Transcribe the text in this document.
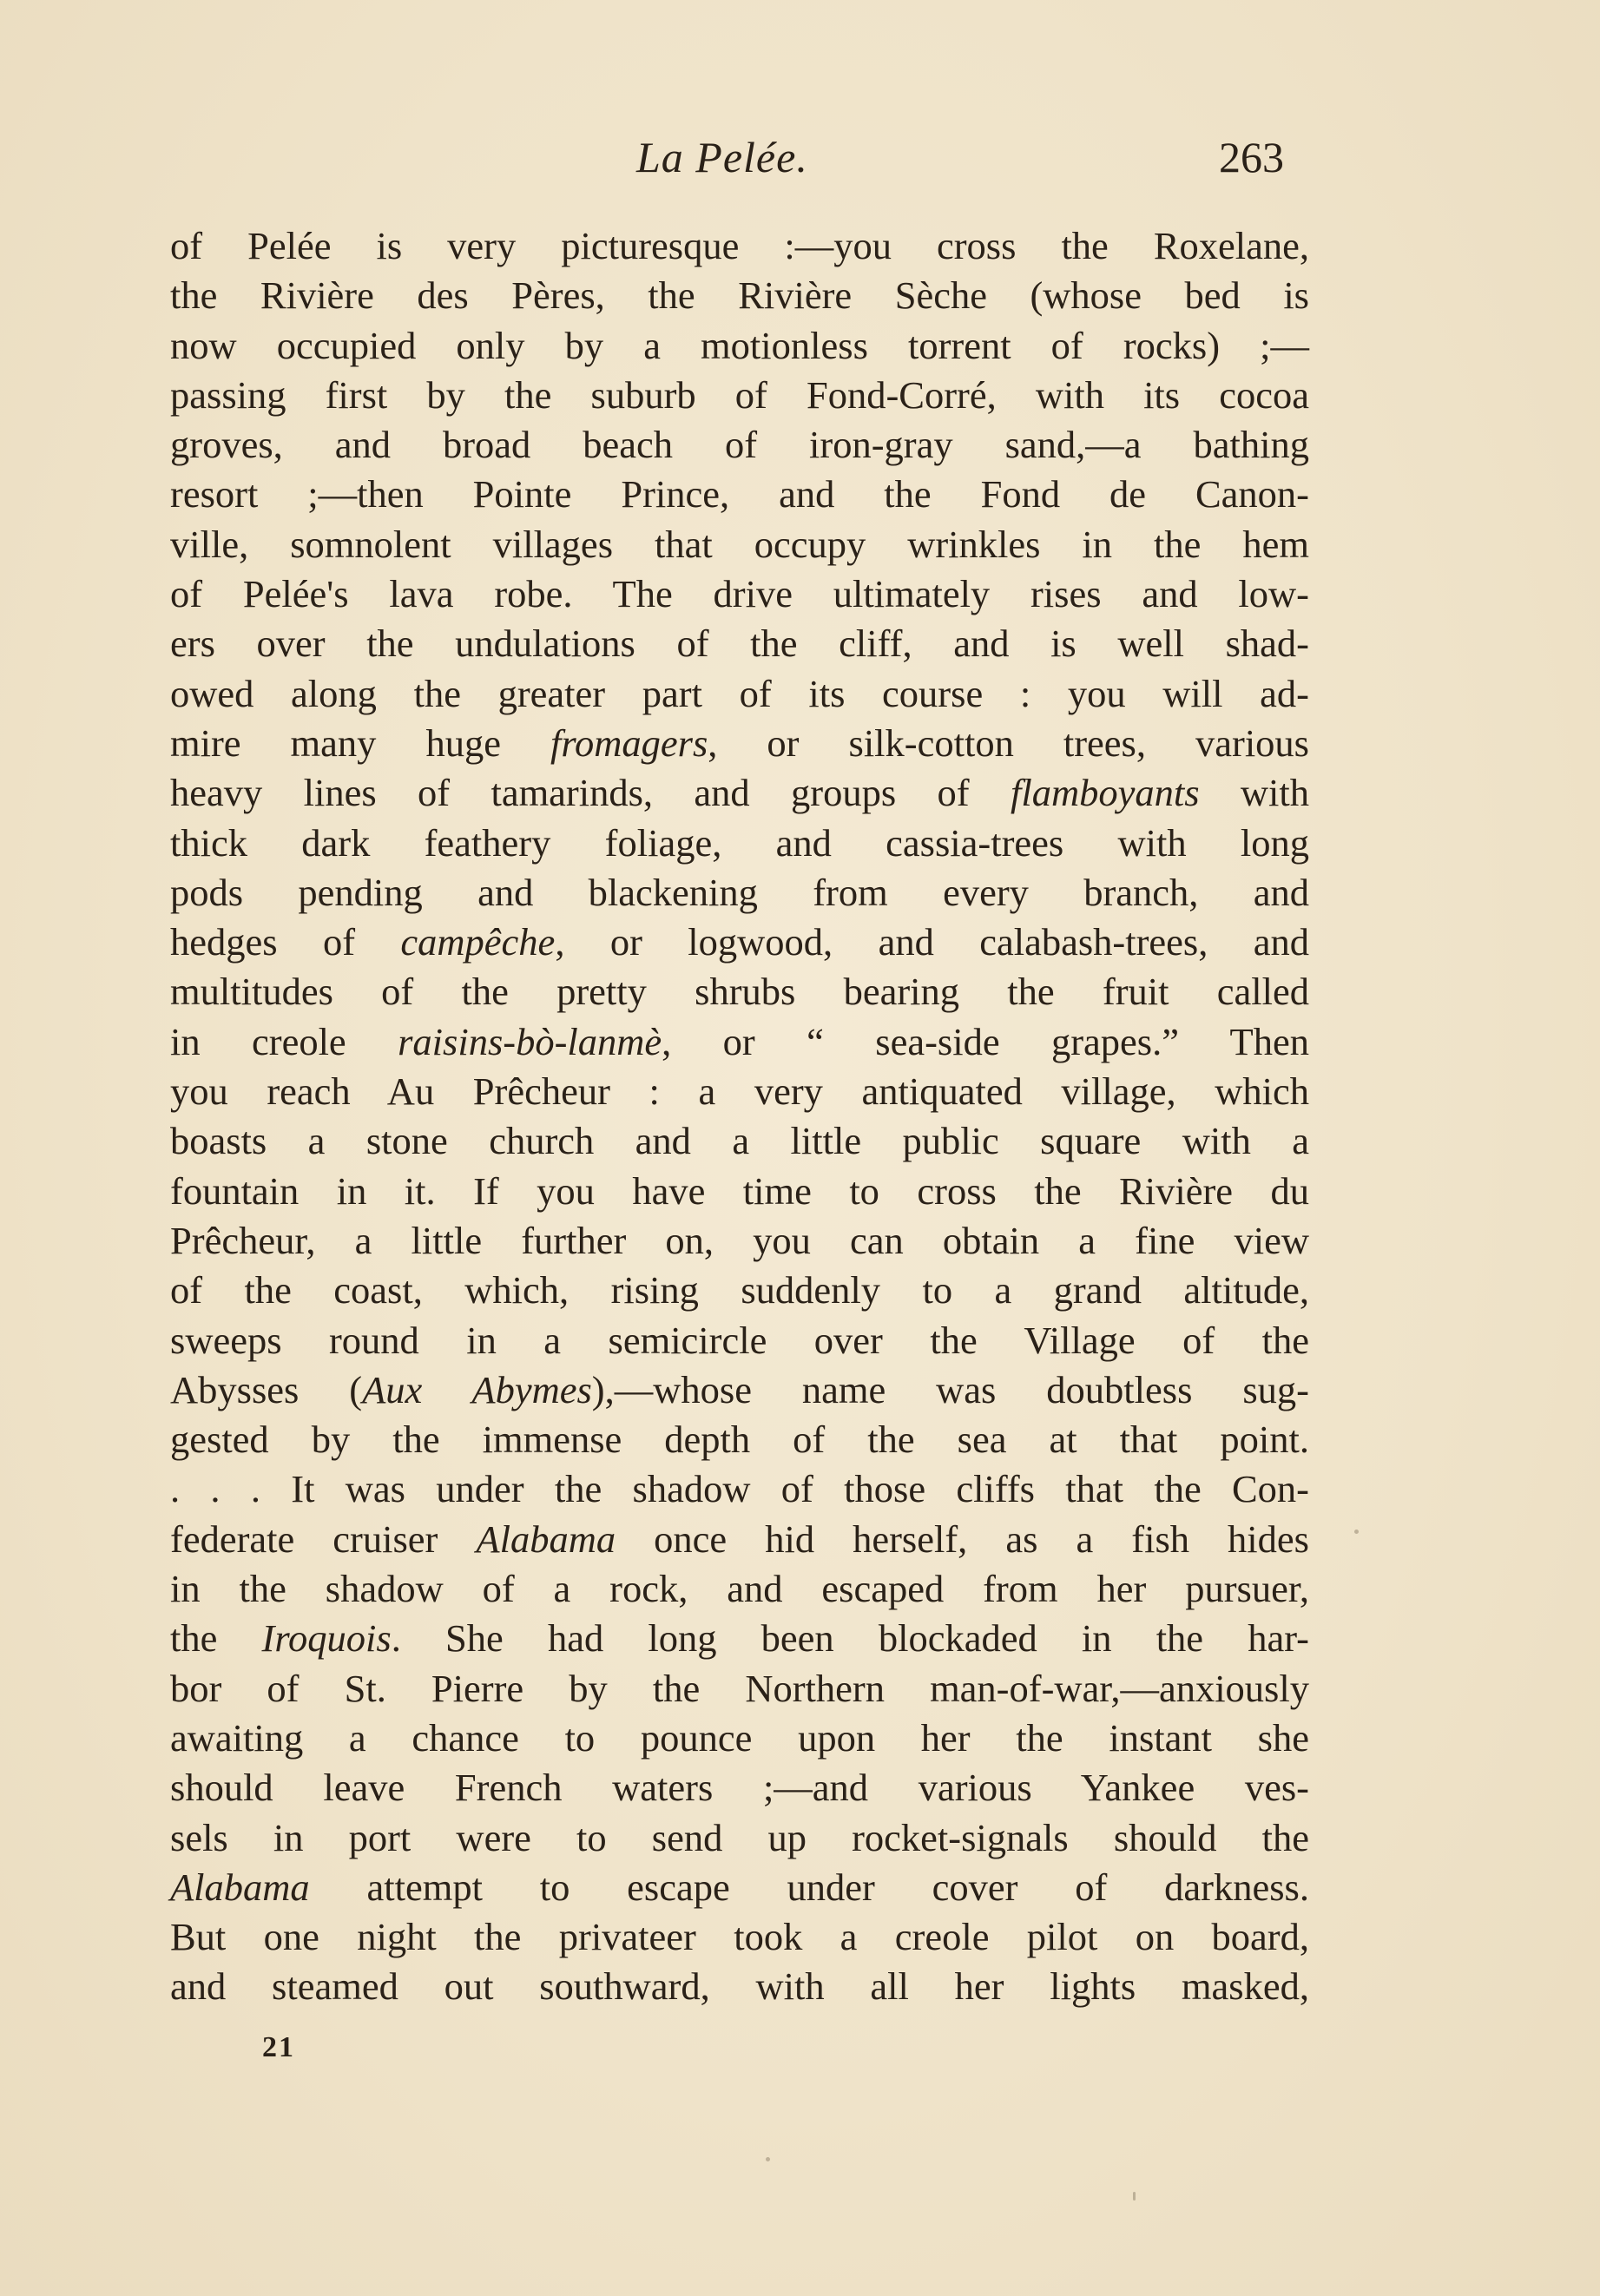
La Pelée.	263
of Pelée is very picturesque :—you cross the Roxelane,
the Rivière des Pères, the Rivière Sèche (whose bed is
now occupied only by a motionless torrent of rocks) ;—
passing first by the suburb of Fond-Corré, with its cocoa
groves, and broad beach of iron-gray sand,—a bathing
resort ;—then Pointe Prince, and the Fond de Canon-
ville, somnolent villages that occupy wrinkles in the hem
of Pelée's lava robe. The drive ultimately rises and low-
ers over the undulations of the cliff, and is well shad-
owed along the greater part of its course : you will ad-
mire many huge fromagers, or silk-cotton trees, various
heavy lines of tamarinds, and groups of flamboyants with
thick dark feathery foliage, and cassia-trees with long
pods pending and blackening from every branch, and
hedges of campêche, or logwood, and calabash-trees, and
multitudes of the pretty shrubs bearing the fruit called
in creole raisins-bò-lanmè, or “ sea-side grapes.” Then
you reach Au Prêcheur : a very antiquated village, which
boasts a stone church and a little public square with a
fountain in it. If you have time to cross the Rivière du
Prêcheur, a little further on, you can obtain a fine view
of the coast, which, rising suddenly to a grand altitude,
sweeps round in a semicircle over the Village of the
Abysses (Aux Abymes),—whose name was doubtless sug-
gested by the immense depth of the sea at that point.
. . . It was under the shadow of those cliffs that the Con-
federate cruiser Alabama once hid herself, as a fish hides
in the shadow of a rock, and escaped from her pursuer,
the Iroquois. She had long been blockaded in the har-
bor of St. Pierre by the Northern man-of-war,—anxiously
awaiting a chance to pounce upon her the instant she
should leave French waters ;—and various Yankee ves-
sels in port were to send up rocket-signals should the
Alabama attempt to escape under cover of darkness.
But one night the privateer took a creole pilot on board,
and steamed out southward, with all her lights masked,
21
